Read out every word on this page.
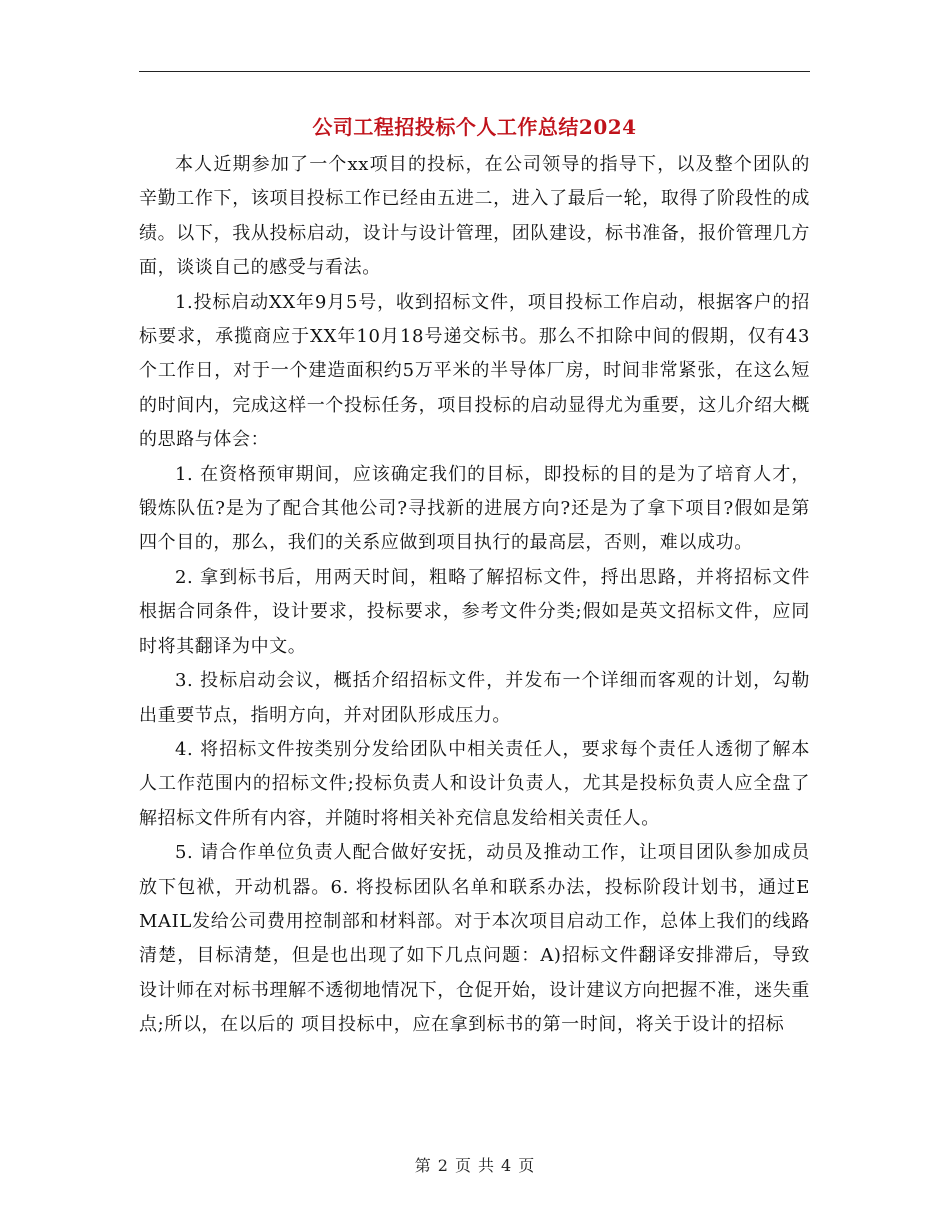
公司工程招投标个人工作总结2024

本人近期参加了一个xx项目的投标，在公司领导的指导下，以及整个团队的辛勤工作下，该项目投标工作已经由五进二，进入了最后一轮，取得了阶段性的成绩。以下，我从投标启动，设计与设计管理，团队建设，标书准备，报价管理几方面，谈谈自己的感受与看法。

1.投标启动XX年9月5号，收到招标文件，项目投标工作启动，根据客户的招标要求，承揽商应于XX年10月18号递交标书。那么不扣除中间的假期，仅有43个工作日，对于一个建造面积约5万平米的半导体厂房，时间非常紧张，在这么短的时间内，完成这样一个投标任务，项目投标的启动显得尤为重要，这儿介绍大概的思路与体会：

1. 在资格预审期间，应该确定我们的目标，即投标的目的是为了培育人才，锻炼队伍?是为了配合其他公司?寻找新的进展方向?还是为了拿下项目?假如是第四个目的，那么，我们的关系应做到项目执行的最高层，否则，难以成功。

2. 拿到标书后，用两天时间，粗略了解招标文件，捋出思路，并将招标文件根据合同条件，设计要求，投标要求，参考文件分类;假如是英文招标文件，应同时将其翻译为中文。

3. 投标启动会议，概括介绍招标文件，并发布一个详细而客观的计划，勾勒出重要节点，指明方向，并对团队形成压力。

4. 将招标文件按类别分发给团队中相关责任人，要求每个责任人透彻了解本人工作范围内的招标文件;投标负责人和设计负责人，尤其是投标负责人应全盘了解招标文件所有内容，并随时将相关补充信息发给相关责任人。

5. 请合作单位负责人配合做好安抚，动员及推动工作，让项目团队参加成员放下包袱，开动机器。6. 将投标团队名单和联系办法，投标阶段计划书，通过EMAIL发给公司费用控制部和材料部。对于本次项目启动工作，总体上我们的线路清楚，目标清楚，但是也出现了如下几点问题：A)招标文件翻译安排滞后，导致设计师在对标书理解不透彻地情况下，仓促开始，设计建议方向把握不准，迷失重点;所以，在以后的 项目投标中，应在拿到标书的第一时间，将关于设计的招标

第 2 页 共 4 页
